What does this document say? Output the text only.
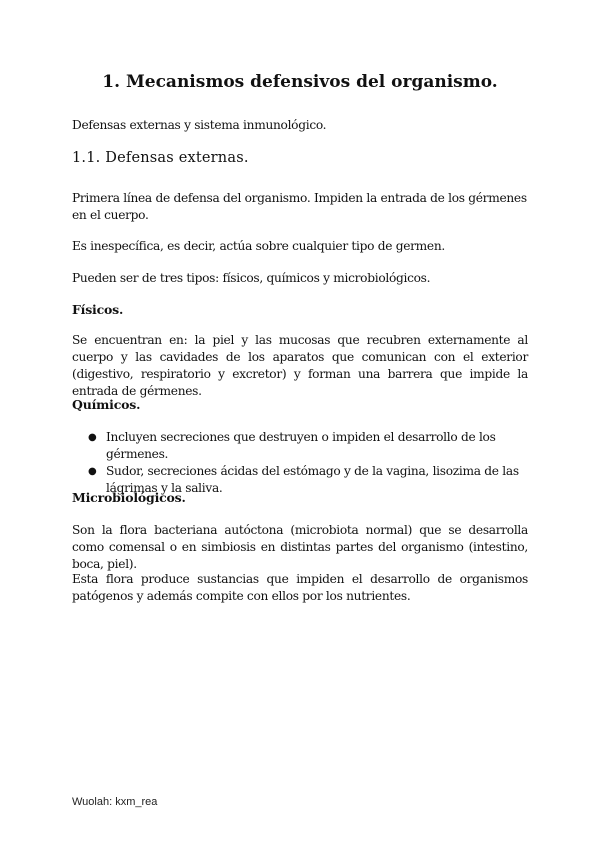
1. Mecanismos defensivos del organismo.

Defensas externas y sistema inmunológico.

1.1. Defensas externas.

Primera línea de defensa del organismo. Impiden la entrada de los gérmenes en el cuerpo.

Es inespecífica, es decir, actúa sobre cualquier tipo de germen.

Pueden ser de tres tipos: físicos, químicos y microbiológicos.

Físicos.

Se encuentran en: la piel y las mucosas que recubren externamente al cuerpo y las cavidades de los aparatos que comunican con el exterior (digestivo, respiratorio y excretor) y forman una barrera que impide la entrada de gérmenes.

Químicos.
● Incluyen secreciones que destruyen o impiden el desarrollo de los gérmenes.
● Sudor, secreciones ácidas del estómago y de la vagina, lisozima de las lágrimas y la saliva.
Microbiológicos.

Son la flora bacteriana autóctona (microbiota normal) que se desarrolla como comensal o en simbiosis en distintas partes del organismo (intestino, boca, piel).

Esta flora produce sustancias que impiden el desarrollo de organismos patógenos y además compite con ellos por los nutrientes.

Wuolah: kxm_rea
